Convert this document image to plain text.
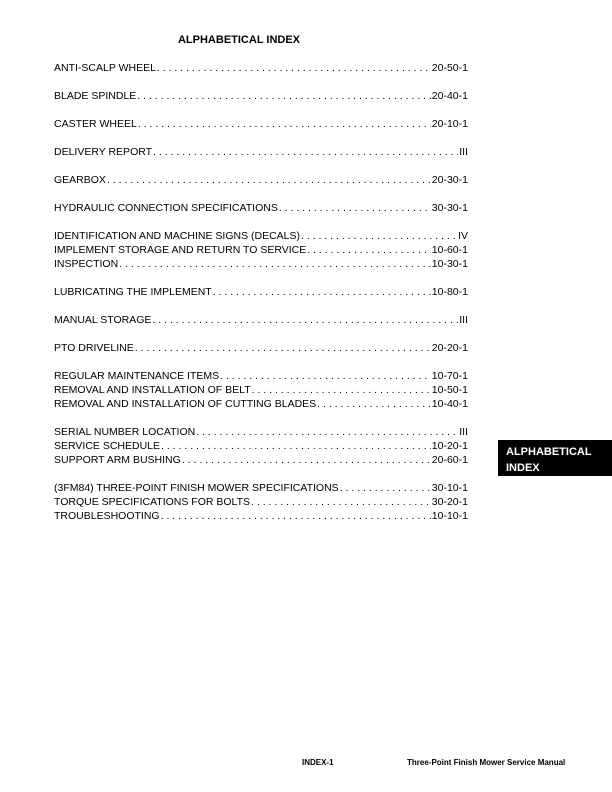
ALPHABETICAL INDEX
ANTI-SCALP WHEEL . . .	20-50-1
BLADE SPINDLE . . .	20-40-1
CASTER WHEEL . . .	20-10-1
DELIVERY REPORT . . .	III
GEARBOX . . .	20-30-1
HYDRAULIC CONNECTION SPECIFICATIONS . . .	30-30-1
IDENTIFICATION AND MACHINE SIGNS (DECALS) . . .	IV
IMPLEMENT STORAGE AND RETURN TO SERVICE . . .	10-60-1
INSPECTION . . .	10-30-1
LUBRICATING THE IMPLEMENT . . .	10-80-1
MANUAL STORAGE . . .	III
PTO DRIVELINE . . .	20-20-1
REGULAR MAINTENANCE ITEMS . . .	10-70-1
REMOVAL AND INSTALLATION OF BELT . . .	10-50-1
REMOVAL AND INSTALLATION OF CUTTING BLADES . . .	10-40-1
SERIAL NUMBER LOCATION . . .	III
SERVICE SCHEDULE . . .	10-20-1
SUPPORT ARM BUSHING . . .	20-60-1
(3FM84) THREE-POINT FINISH MOWER SPECIFICATIONS . . .	30-10-1
TORQUE SPECIFICATIONS FOR BOLTS . . .	30-20-1
TROUBLESHOOTING . . .	10-10-1
ALPHABETICAL
INDEX
INDEX-1	Three-Point Finish Mower Service Manual
